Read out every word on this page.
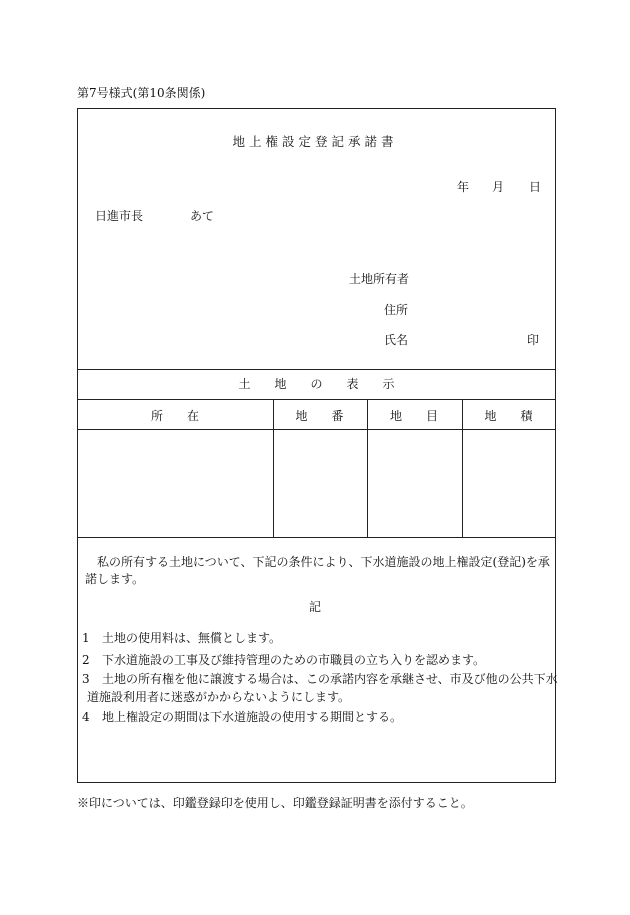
第7号様式(第10条関係)
地上権設定登記承諾書
年 月 日
日進市長	あて
土地所有者
住所
氏名	印
土　　地　　の　　表　　示
所　　在	地　　番	地　　目	地　　積
私の所有する土地について、下記の条件により、下水道施設の地上権設定(登記)を承諾します。
記
1 土地の使用料は、無償とします。
2 下水道施設の工事及び維持管理のための市職員の立ち入りを認めます。
3 土地の所有権を他に譲渡する場合は、この承諾内容を承継させ、市及び他の公共下水
道施設利用者に迷惑がかからないようにします。
4 地上権設定の期間は下水道施設の使用する期間とする。
※印については、印鑑登録印を使用し、印鑑登録証明書を添付すること。
